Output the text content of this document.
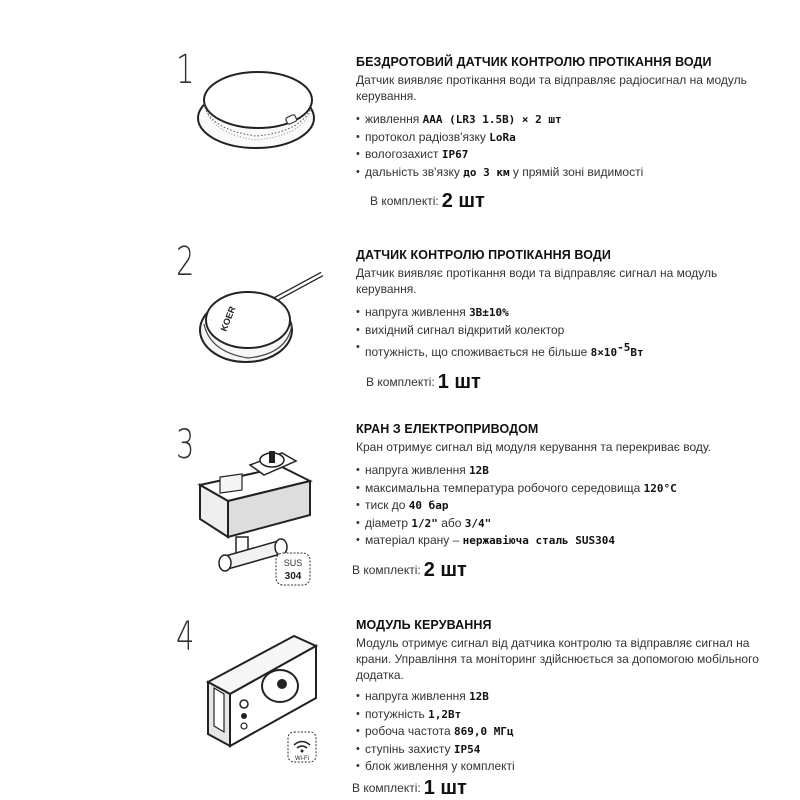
1	БЕЗДРОТОВИЙ ДАТЧИК КОНТРОЛЮ ПРОТІКАННЯ ВОДИ
Датчик виявляє протікання води та відправляє радіосигнал на модуль керування.
• живлення AAA (LR3 1.5В) × 2 шт
• протокол радіозв'язку LoRa
• вологозахист IP67
• дальність зв'язку до 3 км у прямій зоні видимості
В комплекті: 2 шт
2
KOER
ДАТЧИК КОНТРОЛЮ ПРОТІКАННЯ ВОДИ
Датчик виявляє протікання води та відправляє сигнал на модуль керування.
• напруга живлення 3В±10%
• вихідний сигнал відкритий колектор
• потужність, що споживається не більше $8\times 10^{-5}Вт$
В комплекті: 1 шт
3
SUS
304
КРАН З ЕЛЕКТРОПРИВОДОМ
Кран отримує сигнал від модуля керування та перекриває воду.
• напруга живлення 12В
• максимальна температура робочого середовища 120°С
• тиск до 40 бар
• діаметр 1/2" або 3/4"
• матеріал крану – нержавіюча сталь SUS304
В комплекті: 2 шт
4
Wi-Fi
МОДУЛЬ КЕРУВАННЯ
Модуль отримує сигнал від датчика контролю та відправляє сигнал на крани. Управління та моніторинг здійснюється за допомогою мобільного додатка.
• напруга живлення 12В
• потужність 1,2Вт
• робоча частота 869,0 МГц
• ступінь захисту IP54
• блок живлення у комплекті
В комплекті: 1 шт
